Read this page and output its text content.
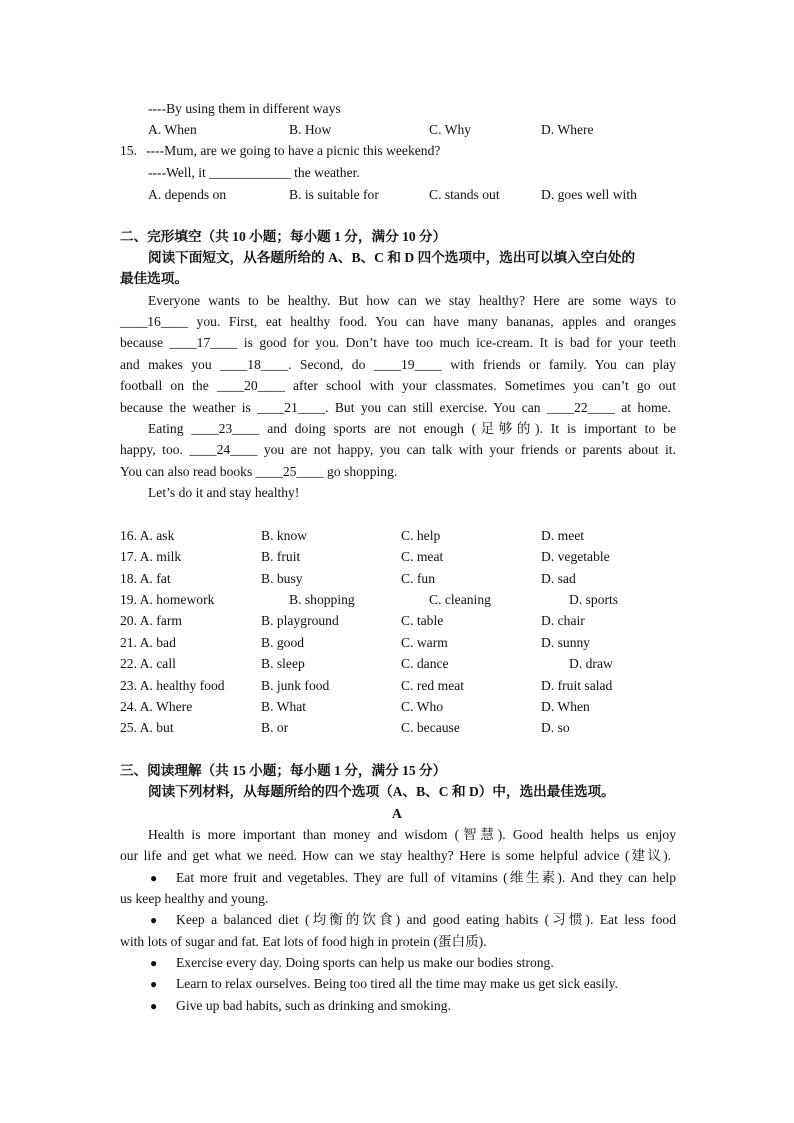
----By using them in different ways
A. When	B. How	C. Why	D. Where
15. ----Mum, are we going to have a picnic this weekend?
----Well, it ____________ the weather.
A. depends on	B. is suitable for	C. stands out	D. goes well with
二、完形填空（共 10 小题；每小题 1 分，满分 10 分）
阅读下面短文，从各题所给的 A、B、C 和 D 四个选项中，选出可以填入空白处的
最佳选项。
Everyone wants to be healthy. But how can we stay healthy? Here are some ways to
____16____ you. First, eat healthy food. You can have many bananas, apples and oranges
because ____17____ is good for you. Don’t have too much ice-cream. It is bad for your teeth
and makes you ____18____. Second, do ____19____ with friends or family. You can play
football on the ____20____ after school with your classmates. Sometimes you can’t go out
because the weather is ____21____. But you can still exercise. You can ____22____ at home.
Eating ____23____ and doing sports are not enough (足够的). It is important to be
happy, too. ____24____ you are not happy, you can talk with your friends or parents about it.
You can also read books ____25____ go shopping.
Let’s do it and stay healthy!
16. A. ask	B. know	C. help	D. meet
17. A. milk	B. fruit	C. meat	D. vegetable
18. A. fat	B. busy	C. fun	D. sad
19. A. homework	B. shopping	C. cleaning	D. sports
20. A. farm	B. playground	C. table	D. chair
21. A. bad	B. good	C. warm	D. sunny
22. A. call	B. sleep	C. dance	D. draw
23. A. healthy food	B. junk food	C. red meat	D. fruit salad
24. A. Where	B. What	C. Who	D. When
25. A. but	B. or	C. because	D. so
三、阅读理解（共 15 小题；每小题 1 分，满分 15 分）
阅读下列材料，从每题所给的四个选项（A、B、C 和 D）中，选出最佳选项。
A
Health is more important than money and wisdom (智慧). Good health helps us enjoy
our life and get what we need. How can we stay healthy? Here is some helpful advice (建议).
● Eat more fruit and vegetables. They are full of vitamins (维生素). And they can help
us keep healthy and young.
● Keep a balanced diet (均衡的饮食) and good eating habits (习惯). Eat less food
with lots of sugar and fat. Eat lots of food high in protein (蛋白质).
● Exercise every day. Doing sports can help us make our bodies strong.
● Learn to relax ourselves. Being too tired all the time may make us get sick easily.
● Give up bad habits, such as drinking and smoking.
